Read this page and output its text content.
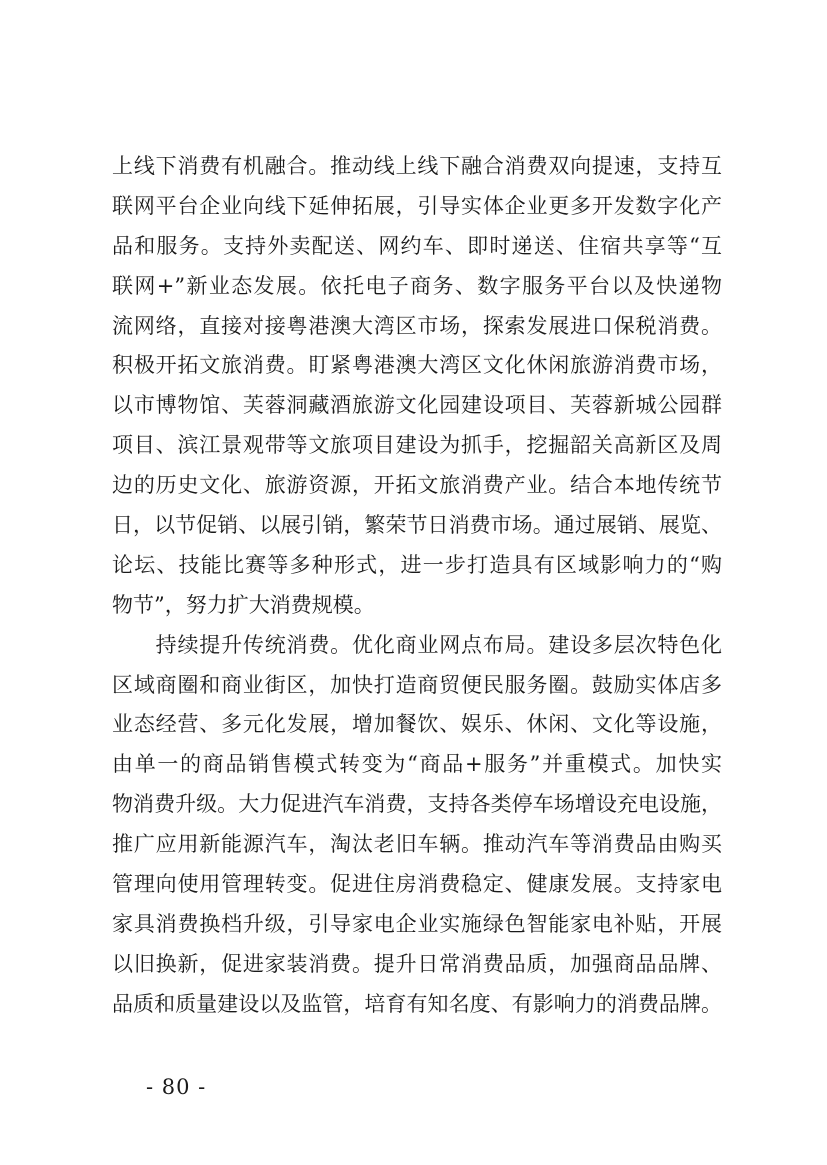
上线下消费有机融合。推动线上线下融合消费双向提速，支持互
联网平台企业向线下延伸拓展，引导实体企业更多开发数字化产
品和服务。支持外卖配送、网约车、即时递送、住宿共享等“互
联网+”新业态发展。依托电子商务、数字服务平台以及快递物
流网络，直接对接粤港澳大湾区市场，探索发展进口保税消费。
积极开拓文旅消费。盯紧粤港澳大湾区文化休闲旅游消费市场，
以市博物馆、芙蓉洞藏酒旅游文化园建设项目、芙蓉新城公园群
项目、滨江景观带等文旅项目建设为抓手，挖掘韶关高新区及周
边的历史文化、旅游资源，开拓文旅消费产业。结合本地传统节
日，以节促销、以展引销，繁荣节日消费市场。通过展销、展览、
论坛、技能比赛等多种形式，进一步打造具有区域影响力的“购
物节”，努力扩大消费规模。
　　持续提升传统消费。优化商业网点布局。建设多层次特色化
区域商圈和商业街区，加快打造商贸便民服务圈。鼓励实体店多
业态经营、多元化发展，增加餐饮、娱乐、休闲、文化等设施，
由单一的商品销售模式转变为“商品+服务”并重模式。加快实
物消费升级。大力促进汽车消费，支持各类停车场增设充电设施，
推广应用新能源汽车，淘汰老旧车辆。推动汽车等消费品由购买
管理向使用管理转变。促进住房消费稳定、健康发展。支持家电
家具消费换档升级，引导家电企业实施绿色智能家电补贴，开展
以旧换新，促进家装消费。提升日常消费品质，加强商品品牌、
品质和质量建设以及监管，培育有知名度、有影响力的消费品牌。
- 80 -
